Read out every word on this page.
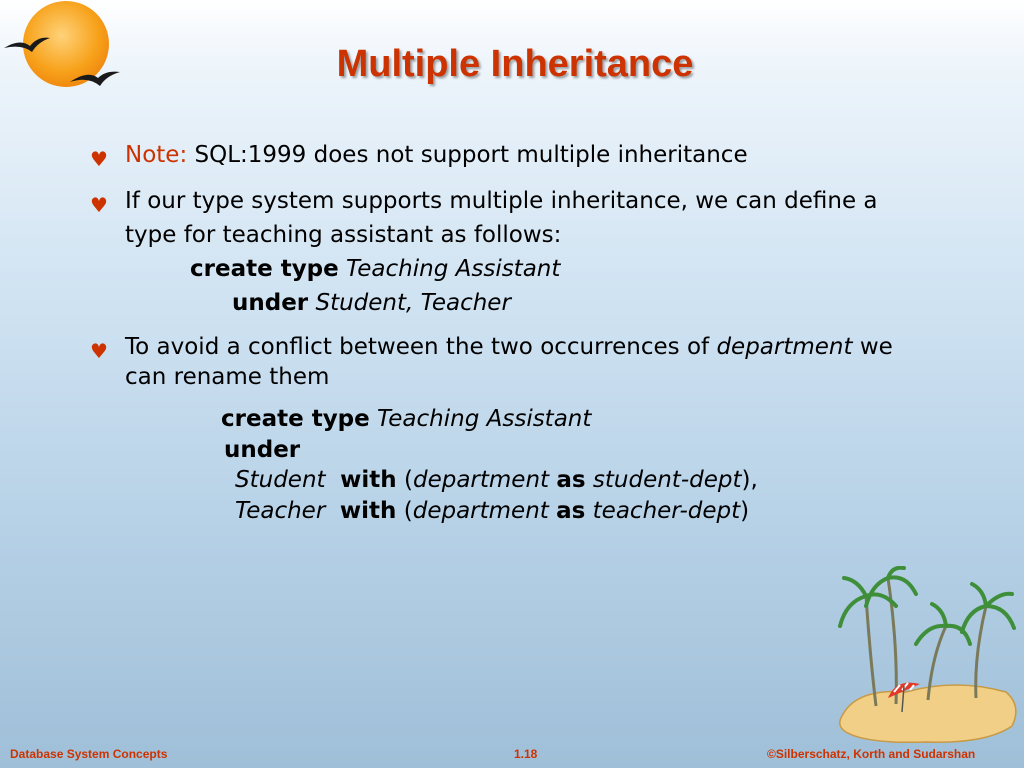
Multiple Inheritance
♥ Note: SQL:1999 does not support multiple inheritance
♥ If our type system supports multiple inheritance, we can define a
type for teaching assistant as follows:
create type Teaching Assistant
under Student, Teacher
♥ To avoid a conflict between the two occurrences of department we
can rename them
create type Teaching Assistant
under
Student with (department as student-dept),
Teacher with (department as teacher-dept)
Database System Concepts	1.18	©Silberschatz, Korth and Sudarshan
